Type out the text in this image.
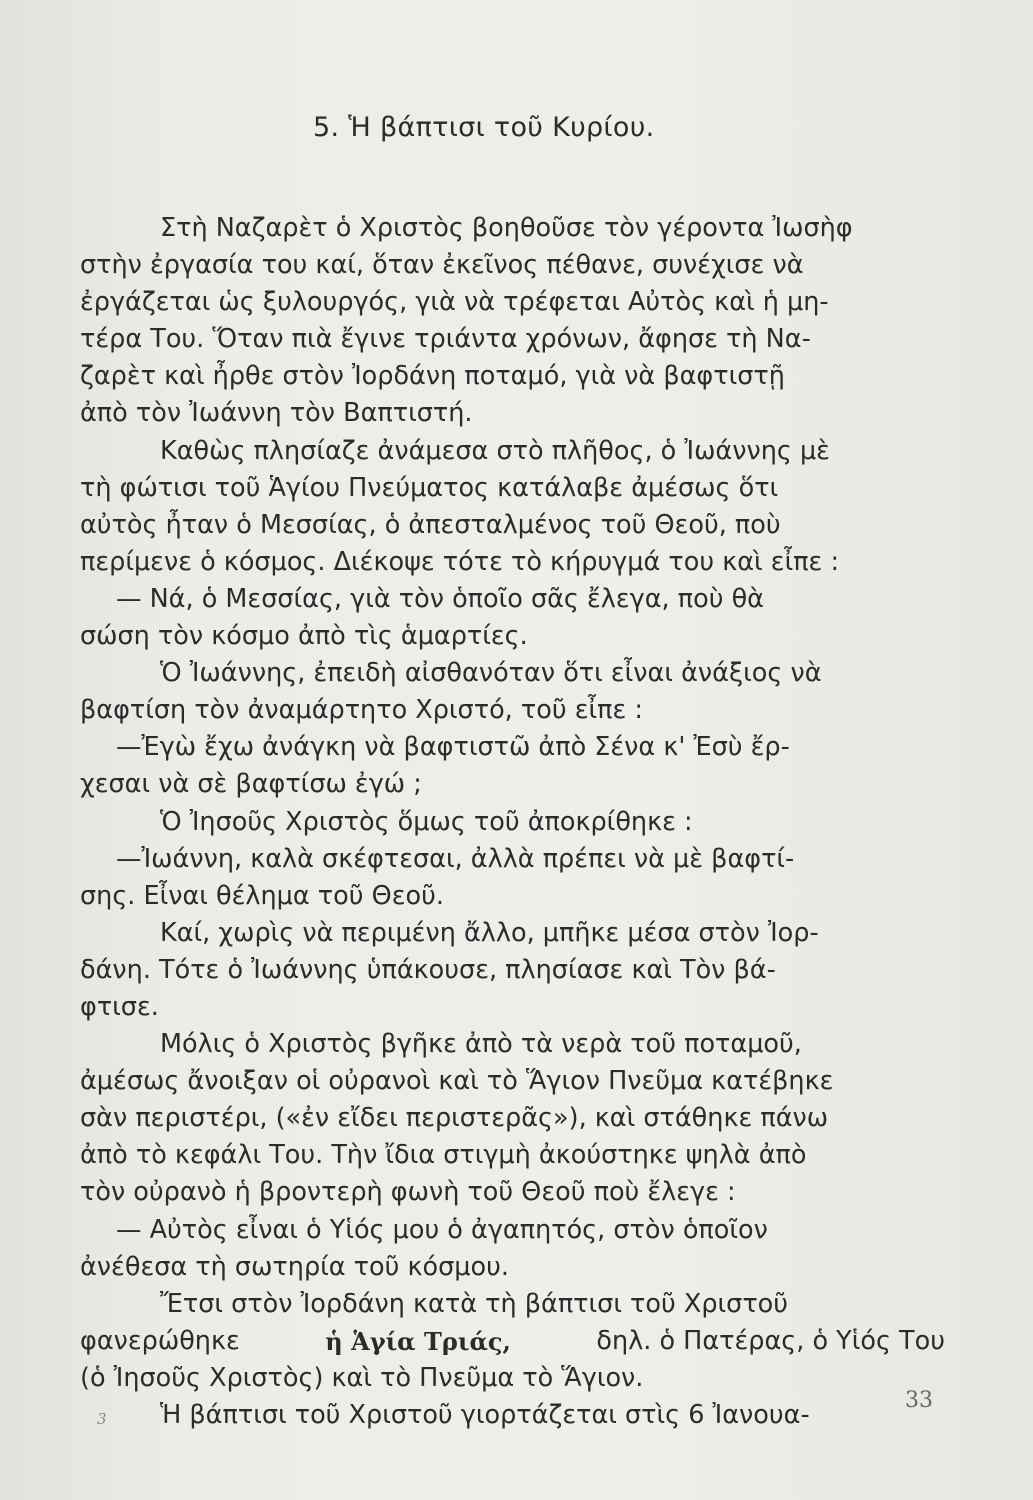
5. Ἡ βάπτισι τοῦ Κυρίου.
Στὴ Ναζαρὲτ ὁ Χριστὸς βοηθοῦσε τὸν γέροντα Ἰωσὴφ
στὴν ἐργασία του καί, ὅταν ἐκεῖνος πέθανε, συνέχισε νὰ
ἐργάζεται ὡς ξυλουργός, γιὰ νὰ τρέφεται Αὐτὸς καὶ ἡ μη-
τέρα Του. Ὅταν πιὰ ἔγινε τριάντα χρόνων, ἄφησε τὴ Να-
ζαρὲτ καὶ ἦρθε στὸν Ἰορδάνη ποταμό, γιὰ νὰ βαφτιστῇ
ἀπὸ τὸν Ἰωάννη τὸν Βαπτιστή.
Καθὼς πλησίαζε ἀνάμεσα στὸ πλῆθος, ὁ Ἰωάννης μὲ
τὴ φώτισι τοῦ Ἁγίου Πνεύματος κατάλαβε ἀμέσως ὅτι
αὐτὸς ἦταν ὁ Μεσσίας, ὁ ἀπεσταλμένος τοῦ Θεοῦ, ποὺ
περίμενε ὁ κόσμος. Διέκοψε τότε τὸ κήρυγμά του καὶ εἶπε :
— Νά, ὁ Μεσσίας, γιὰ τὸν ὁποῖο σᾶς ἔλεγα, ποὺ θὰ
σώση τὸν κόσμο ἀπὸ τὶς ἁμαρτίες.
Ὁ Ἰωάννης, ἐπειδὴ αἰσθανόταν ὅτι εἶναι ἀνάξιος νὰ
βαφτίση τὸν ἀναμάρτητο Χριστό, τοῦ εἶπε :
—Ἐγὼ ἔχω ἀνάγκη νὰ βαφτιστῶ ἀπὸ Σένα κ' Ἐσὺ ἔρ-
χεσαι νὰ σὲ βαφτίσω ἐγώ ;
Ὁ Ἰησοῦς Χριστὸς ὅμως τοῦ ἀποκρίθηκε :
—Ἰωάννη, καλὰ σκέφτεσαι, ἀλλὰ πρέπει νὰ μὲ βαφτί-
σης. Εἶναι θέλημα τοῦ Θεοῦ.
Καί, χωρὶς νὰ περιμένη ἄλλο, μπῆκε μέσα στὸν Ἰορ-
δάνη. Τότε ὁ Ἰωάννης ὑπάκουσε, πλησίασε καὶ Τὸν βά-
φτισε.
Μόλις ὁ Χριστὸς βγῆκε ἀπὸ τὰ νερὰ τοῦ ποταμοῦ,
ἀμέσως ἄνοιξαν οἱ οὐρανοὶ καὶ τὸ Ἅγιον Πνεῦμα κατέβηκε
σὰν περιστέρι, («ἐν εἴδει περιστερᾶς»), καὶ στάθηκε πάνω
ἀπὸ τὸ κεφάλι Του. Τὴν ἴδια στιγμὴ ἀκούστηκε ψηλὰ ἀπὸ
τὸν οὐρανὸ ἡ βροντερὴ φωνὴ τοῦ Θεοῦ ποὺ ἔλεγε :
— Αὐτὸς εἶναι ὁ Υἱός μου ὁ ἀγαπητός, στὸν ὁποῖον
ἀνέθεσα τὴ σωτηρία τοῦ κόσμου.
Ἔτσι στὸν Ἰορδάνη κατὰ τὴ βάπτισι τοῦ Χριστοῦ
φανερώθηκε	ἡ Ἁγία Τριάς,	δηλ. ὁ Πατέρας, ὁ Υἱός Του
(ὁ Ἰησοῦς Χριστὸς) καὶ τὸ Πνεῦμα τὸ Ἅγιον.
Ἡ βάπτισι τοῦ Χριστοῦ γιορτάζεται στὶς 6 Ἰανουα-	33
3
